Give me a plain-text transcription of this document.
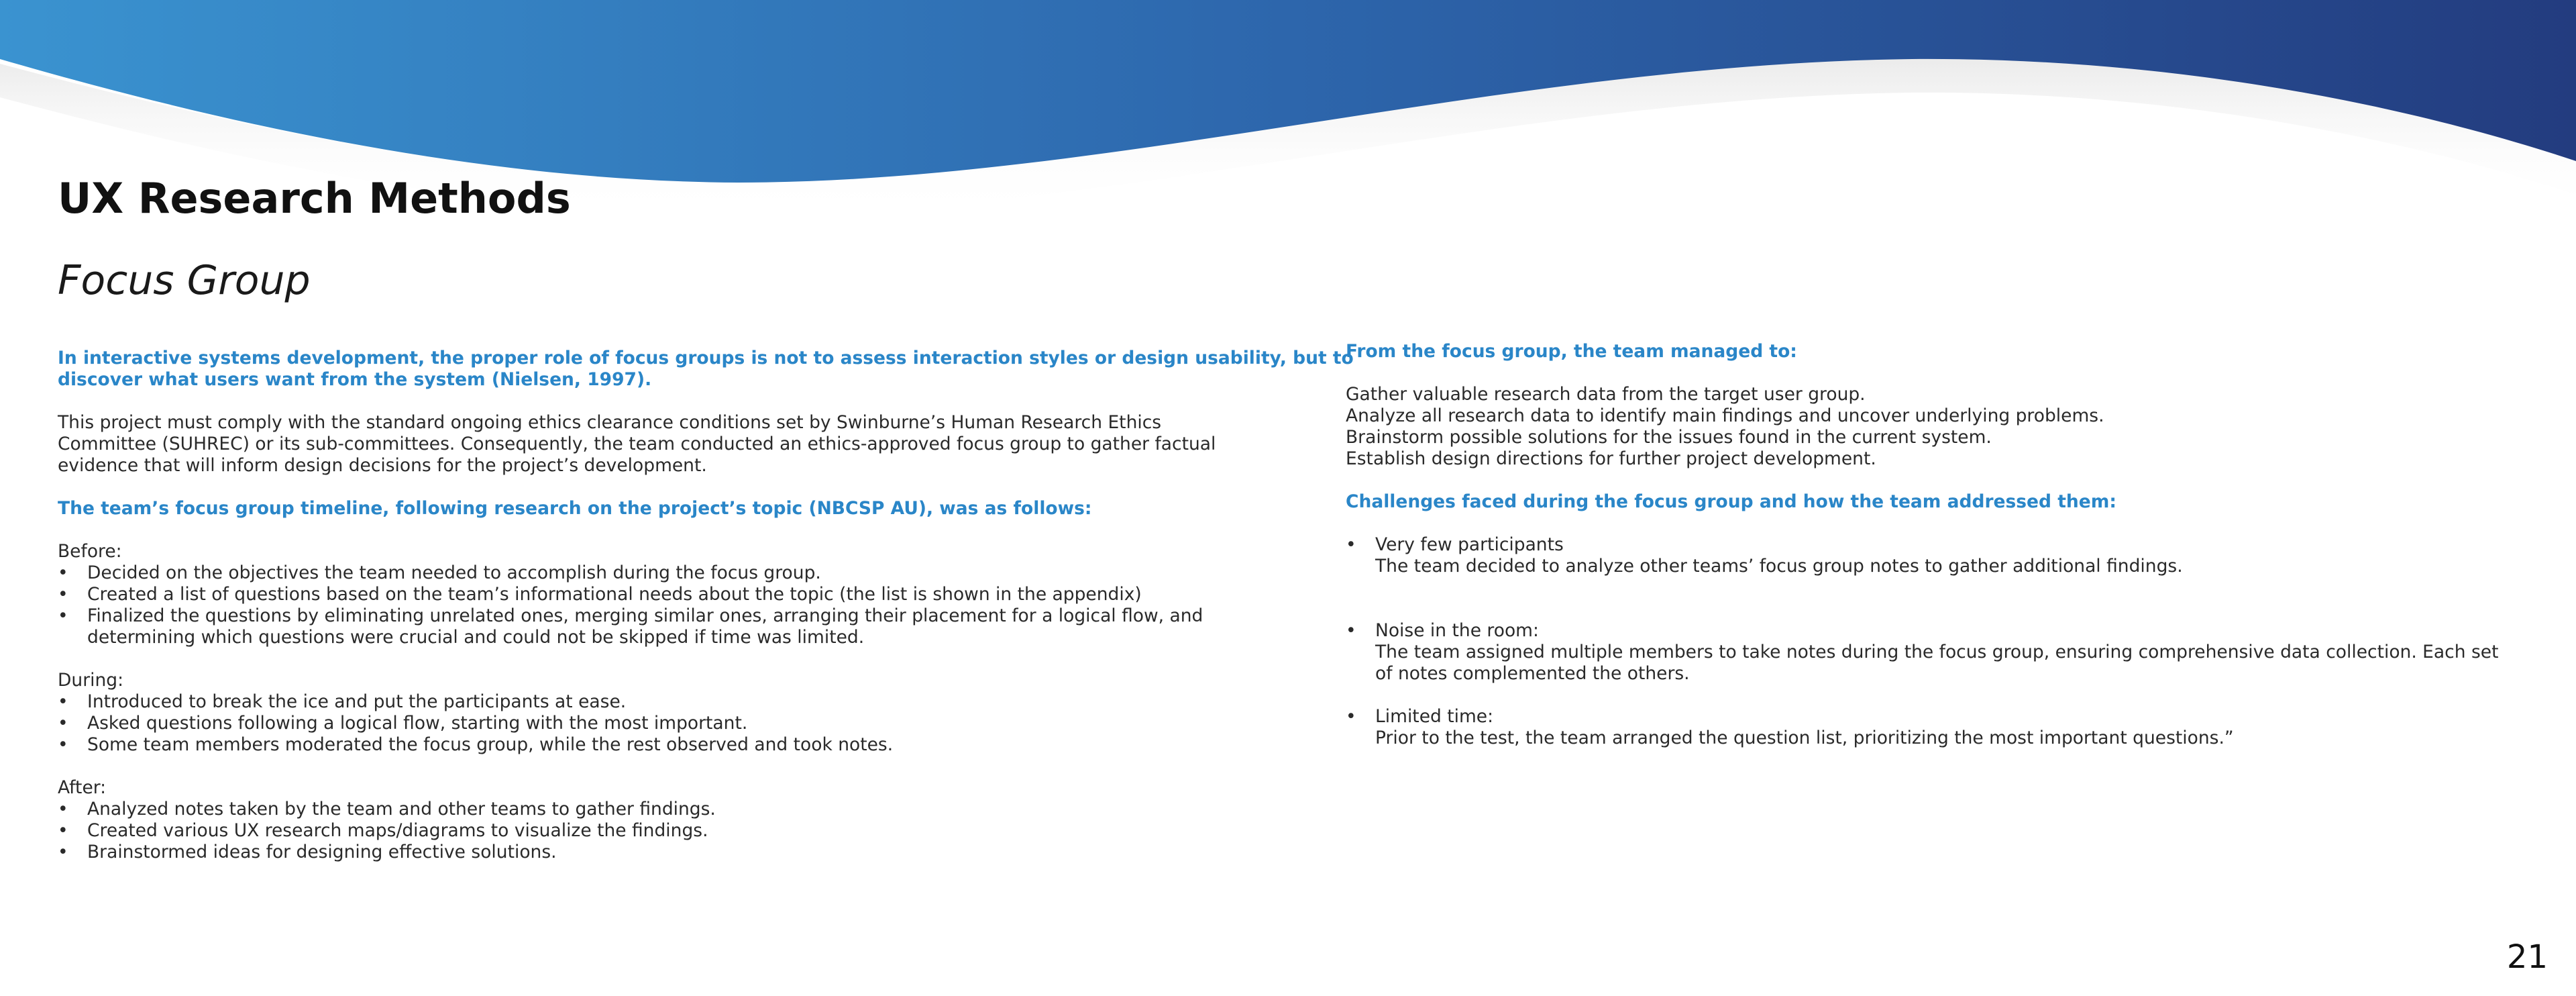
UX Research Methods
Focus Group

In interactive systems development, the proper role of focus groups is not to assess interaction styles or design usability, but to

discover what users want from the system (Nielsen, 1997).

This project must comply with the standard ongoing ethics clearance conditions set by Swinburne’s Human Research Ethics

Committee (SUHREC) or its sub-committees. Consequently, the team conducted an ethics-approved focus group to gather factual

evidence that will inform design decisions for the project’s development.

The team’s focus group timeline, following research on the project’s topic (NBCSP AU), was as follows:

Before:

•	Decided on the objectives the team needed to accomplish during the focus group.
•	Created a list of questions based on the team’s informational needs about the topic (the list is shown in the appendix)
•	Finalized the questions by eliminating unrelated ones, merging similar ones, arranging their placement for a logical flow, and
determining which questions were crucial and could not be skipped if time was limited.

During:

•	Introduced to break the ice and put the participants at ease.
•	Asked questions following a logical flow, starting with the most important.
•	Some team members moderated the focus group, while the rest observed and took notes.

After:

•	Analyzed notes taken by the team and other teams to gather findings.
•	Created various UX research maps/diagrams to visualize the findings.
•	Brainstormed ideas for designing effective solutions.

From the focus group, the team managed to:

Gather valuable research data from the target user group.

Analyze all research data to identify main findings and uncover underlying problems.

Brainstorm possible solutions for the issues found in the current system.

Establish design directions for further project development.

Challenges faced during the focus group and how the team addressed them:

•	Very few participants

The team decided to analyze other teams’ focus group notes to gather additional findings.

•	Noise in the room:

The team assigned multiple members to take notes during the focus group, ensuring comprehensive data collection. Each set

of notes complemented the others.

•	Limited time:

Prior to the test, the team arranged the question list, prioritizing the most important questions.”

21
